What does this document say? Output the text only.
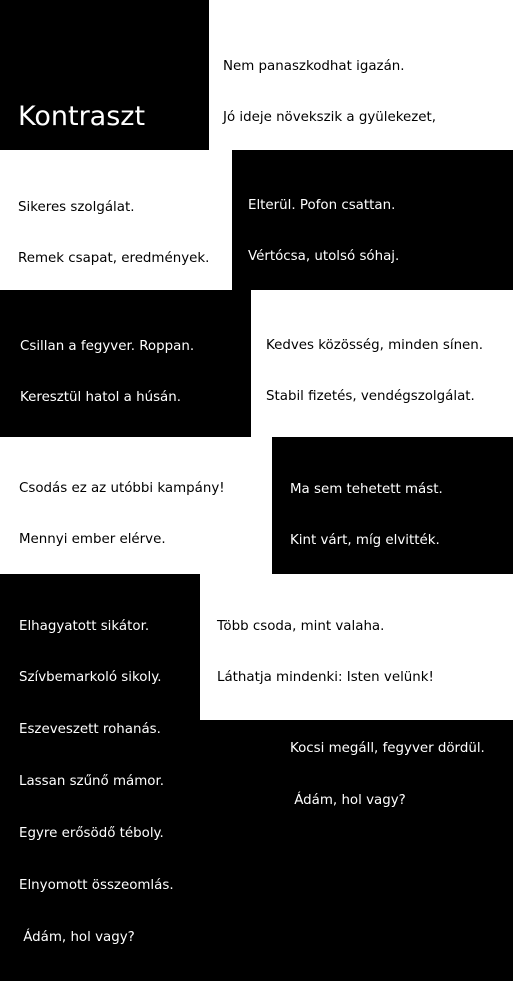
Kontraszt

Nem panaszkodhat igazán.

Jó ideje növekszik a gyülekezet,

Sikeres szolgálat.

Remek csapat, eredmények.

Elterül. Pofon csattan.

Vértócsa, utolsó sóhaj.

Csillan a fegyver. Roppan.

Keresztül hatol a húsán.

Kedves közösség, minden sínen.

Stabil fizetés, vendégszolgálat.

Csodás ez az utóbbi kampány!

Mennyi ember elérve.

De hát a vízió így is döcög.

Ádám, hol vagy?

Ma sem tehetett mást.

Kint várt, míg elvitték.

Kocsi megáll, fegyver dördül.

Ádám, hol vagy?

Elhagyatott sikátor.

Szívbemarkoló sikoly.

Eszeveszett rohanás.

Lassan szűnő mámor.

Egyre erősödő téboly.

Elnyomott összeomlás.

Ádám, hol vagy?

Több csoda, mint valaha.

Láthatja mindenki: Isten velünk!

Csak éppen mi nem vagyunk vele.

Gyerünk, ez az Ő akarata!

Néhány apróbb hibát meg elfedünk.

Kételkedő hangnak köztünk nincs helye.

Ádám, hol vagy?
